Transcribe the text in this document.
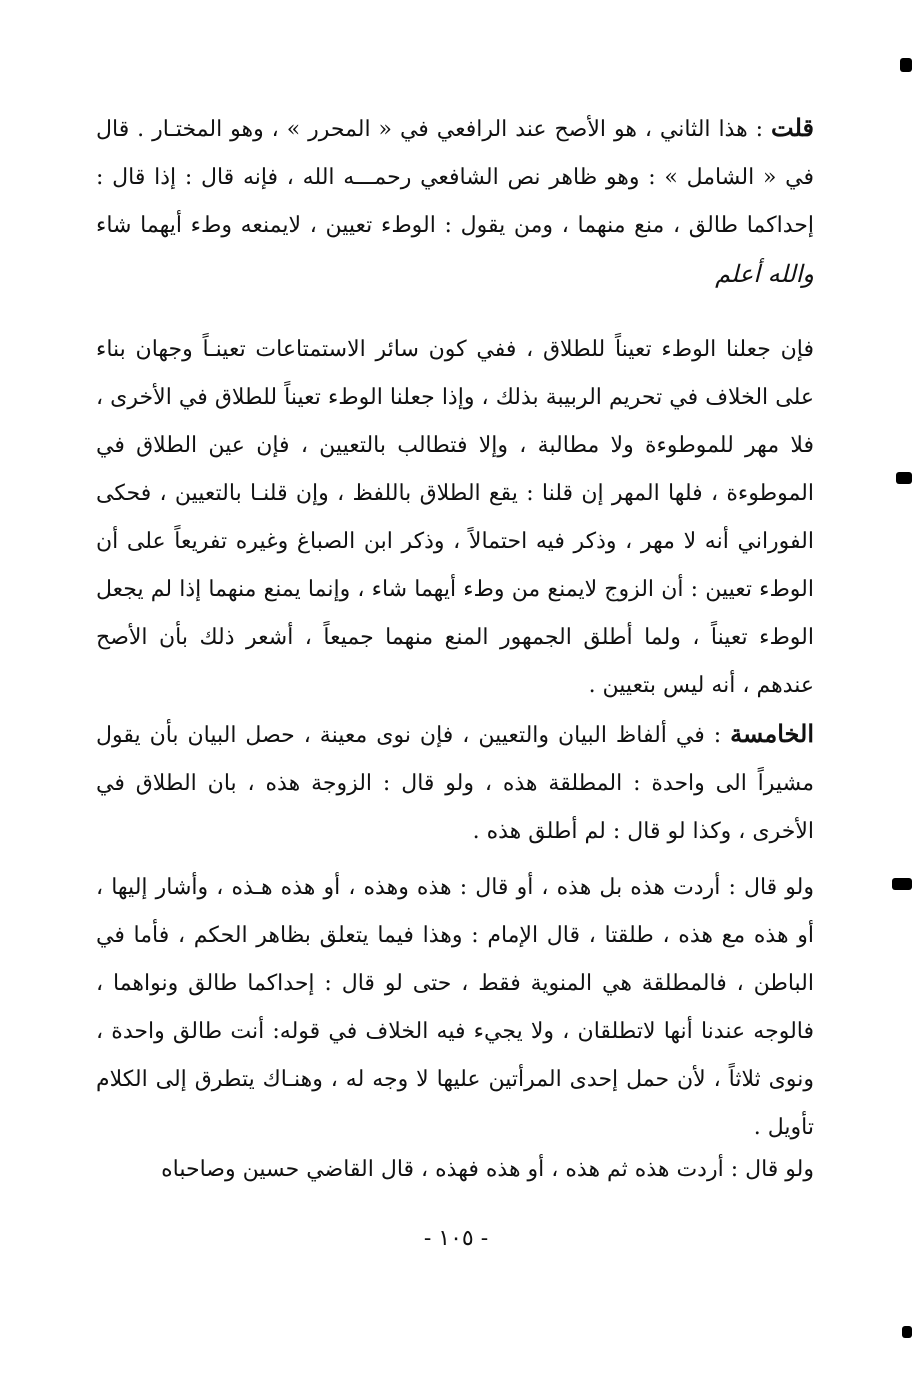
قلت : هذا الثاني ، هو الأصح عند الرافعي في « المحرر » ، وهو المختـار . قال في « الشامل » : وهو ظاهر نص الشافعي رحمـــه الله ، فإنه قال : إذا قال : إحداكما طالق ، منع منهما ، ومن يقول : الوطء تعيين ، لايمنعه وطء أيهما شاء والله أعلم

فإن جعلنا الوطء تعيناً للطلاق ، ففي كون سائر الاستمتاعات تعينـاً وجهان بناء على الخلاف في تحريم الربيبة بذلك ، وإذا جعلنا الوطء تعيناً للطلاق في الأخرى ، فلا مهر للموطوءة ولا مطالبة ، وإلا فتطالب بالتعيين ، فإن عين الطلاق في الموطوءة ، فلها المهر إن قلنا : يقع الطلاق باللفظ ، وإن قلنـا بالتعيين ، فحكى الفوراني أنه لا مهر ، وذكر فيه احتمالاً ، وذكر ابن الصباغ وغيره تفريعاً على أن الوطء تعيين : أن الزوج لايمنع من وطء أيهما شاء ، وإنما يمنع منهما إذا لم يجعل الوطء تعيناً ، ولما أطلق الجمهور المنع منهما جميعاً ، أشعر ذلك بأن الأصح عندهم ، أنه ليس بتعيين .

الخامسة : في ألفاظ البيان والتعيين ، فإن نوى معينة ، حصل البيان بأن يقول مشيراً الى واحدة : المطلقة هذه ، ولو قال : الزوجة هذه ، بان الطلاق في الأخرى ، وكذا لو قال : لم أطلق هذه .

ولو قال : أردت هذه بل هذه ، أو قال : هذه وهذه ، أو هذه هـذه ، وأشار إليها ، أو هذه مع هذه ، طلقتا ، قال الإمام : وهذا فيما يتعلق بظاهر الحكم ، فأما في الباطن ، فالمطلقة هي المنوية فقط ، حتى لو قال : إحداكما طالق ونواهما ، فالوجه عندنا أنها لاتطلقان ، ولا يجيء فيه الخلاف في قوله: أنت طالق واحدة ، ونوى ثلاثاً ، لأن حمل إحدى المرأتين عليها لا وجه له ، وهنـاك يتطرق إلى الكلام تأويل .

ولو قال : أردت هذه ثم هذه ، أو هذه فهذه ، قال القاضي حسين وصاحباه

- ١٠٥ -
